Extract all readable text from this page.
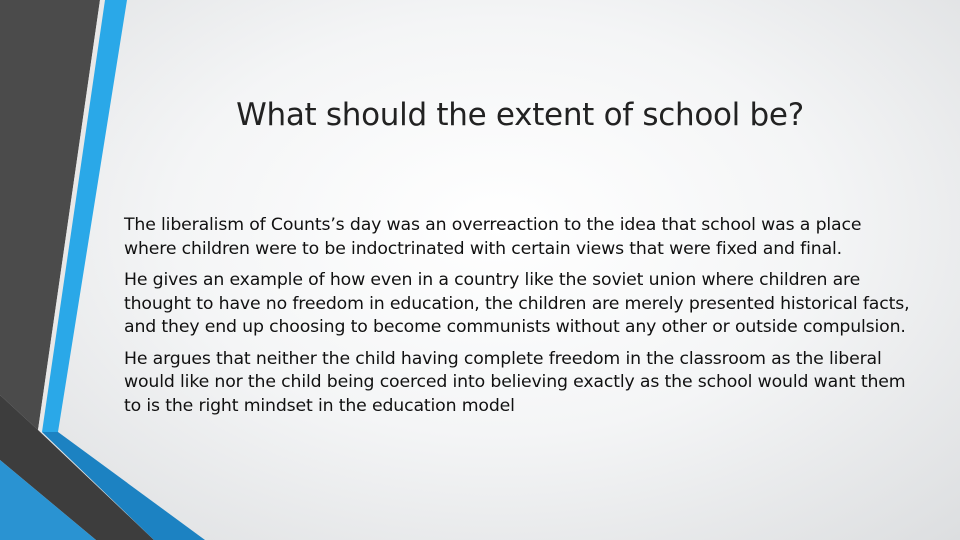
What should the extent of school be?

The liberalism of Counts’s day was an overreaction to the idea that school was a place where children were to be indoctrinated with certain views that were fixed and final.

He gives an example of how even in a country like the soviet union where children are thought to have no freedom in education, the children are merely presented historical facts, and they end up choosing to become communists without any other or outside compulsion.

He argues that neither the child having complete freedom in the classroom as the liberal would like nor the child being coerced into believing exactly as the school would want them to is the right mindset in the education model
